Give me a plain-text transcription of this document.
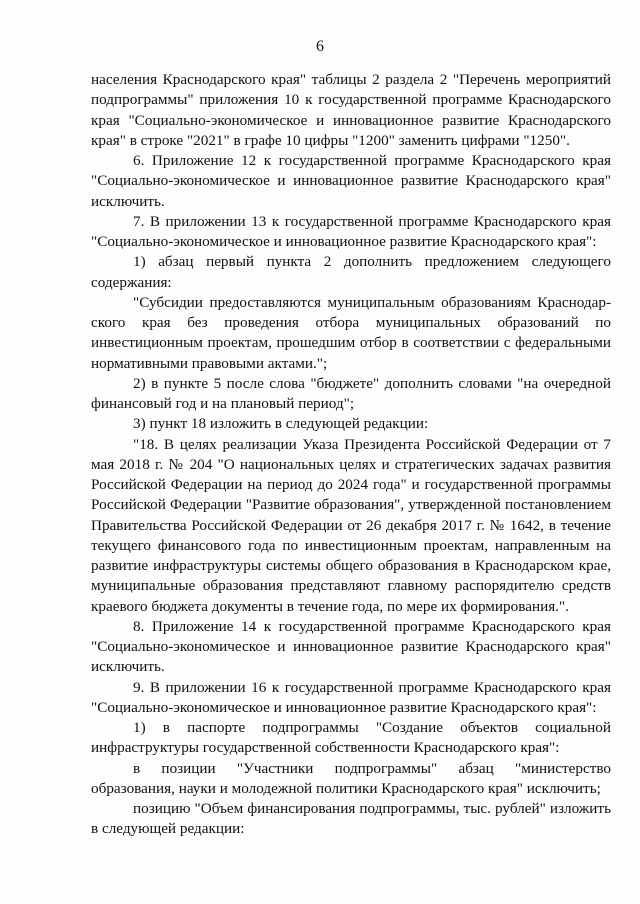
6

населения Краснодарского края" таблицы 2 раздела 2 "Перечень мероприятий подпрограммы" приложения 10 к государственной программе Краснодарского края "Социально-экономическое и инновационное развитие Краснодарского края" в строке "2021" в графе 10 цифры "1200" заменить цифрами "1250".

6. Приложение 12 к государственной программе Краснодарского края "Социально-экономическое и инновационное развитие Краснодарского края" исключить.

7. В приложении 13 к государственной программе Краснодарского края "Социально-экономическое и инновационное развитие Краснодарского края":

1) абзац первый пункта 2 дополнить предложением следующего содержания:

"Субсидии предоставляются муниципальным образованиям Краснодарского края без проведения отбора муниципальных образований по инвестиционным проектам, прошедшим отбор в соответствии с федеральными нормативными правовыми актами.";

2) в пункте 5 после слова "бюджете" дополнить словами "на очередной финансовый год и на плановый период";

3) пункт 18 изложить в следующей редакции:

"18. В целях реализации Указа Президента Российской Федерации от 7 мая 2018 г. № 204 "О национальных целях и стратегических задачах развития Российской Федерации на период до 2024 года" и государственной программы Российской Федерации "Развитие образования", утвержденной постановлением Правительства Российской Федерации от 26 декабря 2017 г. № 1642, в течение текущего финансового года по инвестиционным проектам, направленным на развитие инфраструктуры системы общего образования в Краснодарском крае, муниципальные образования представляют главному распорядителю средств краевого бюджета документы в течение года, по мере их формирования.".

8. Приложение 14 к государственной программе Краснодарского края "Социально-экономическое и инновационное развитие Краснодарского края" исключить.

9. В приложении 16 к государственной программе Краснодарского края "Социально-экономическое и инновационное развитие Краснодарского края":

1) в паспорте подпрограммы "Создание объектов социальной инфраструктуры государственной собственности Краснодарского края":

в позиции "Участники подпрограммы" абзац "министерство образования, науки и молодежной политики Краснодарского края" исключить;

позицию "Объем финансирования подпрограммы, тыс. рублей" изложить в следующей редакции:
